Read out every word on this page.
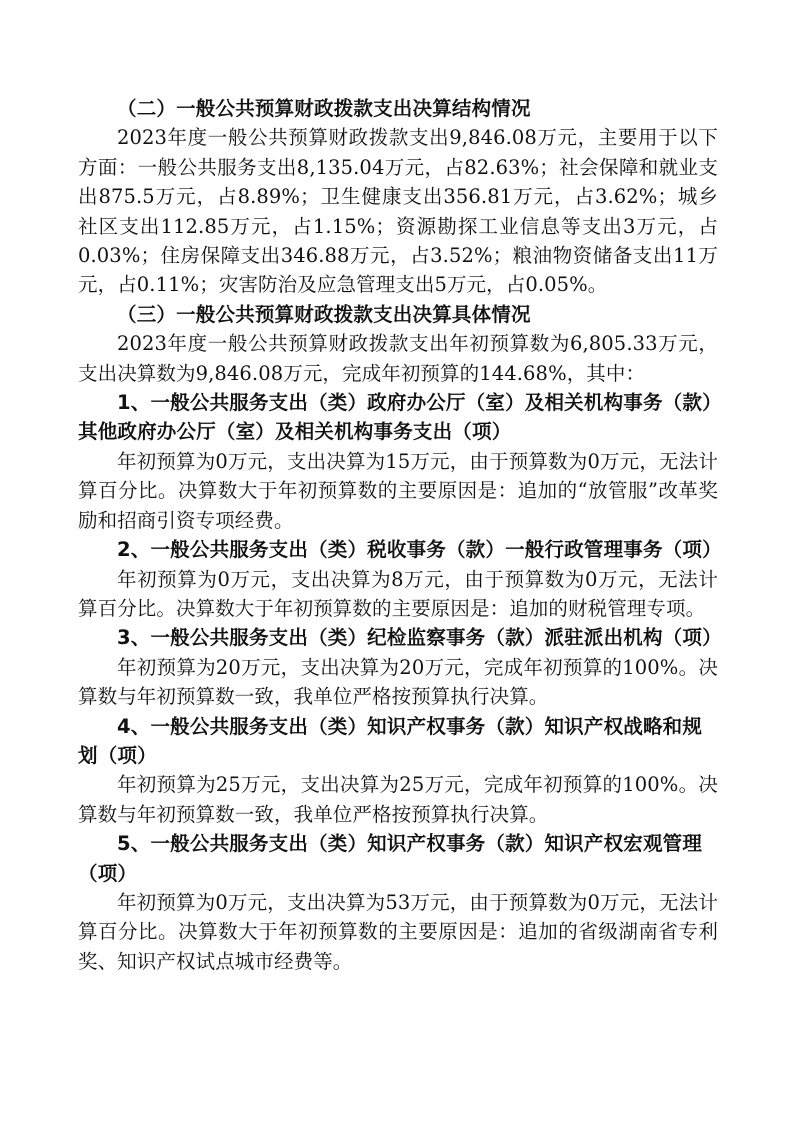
（二）一般公共预算财政拨款支出决算结构情况

2023年度一般公共预算财政拨款支出9,846.08万元，主要用于以下方面：一般公共服务支出8,135.04万元，占82.63%；社会保障和就业支出875.5万元，占8.89%；卫生健康支出356.81万元，占3.62%；城乡社区支出112.85万元，占1.15%；资源勘探工业信息等支出3万元，占0.03%；住房保障支出346.88万元，占3.52%；粮油物资储备支出11万元，占0.11%；灾害防治及应急管理支出5万元，占0.05%。

（三）一般公共预算财政拨款支出决算具体情况

2023年度一般公共预算财政拨款支出年初预算数为6,805.33万元，支出决算数为9,846.08万元，完成年初预算的144.68%，其中：

1、一般公共服务支出（类）政府办公厅（室）及相关机构事务（款）其他政府办公厅（室）及相关机构事务支出（项）

年初预算为0万元，支出决算为15万元，由于预算数为0万元，无法计算百分比。决算数大于年初预算数的主要原因是：追加的“放管服”改革奖励和招商引资专项经费。

2、一般公共服务支出（类）税收事务（款）一般行政管理事务（项）

年初预算为0万元，支出决算为8万元，由于预算数为0万元，无法计算百分比。决算数大于年初预算数的主要原因是：追加的财税管理专项。

3、一般公共服务支出（类）纪检监察事务（款）派驻派出机构（项）

年初预算为20万元，支出决算为20万元，完成年初预算的100%。决算数与年初预算数一致，我单位严格按预算执行决算。

4、一般公共服务支出（类）知识产权事务（款）知识产权战略和规划（项）

年初预算为25万元，支出决算为25万元，完成年初预算的100%。决算数与年初预算数一致，我单位严格按预算执行决算。

5、一般公共服务支出（类）知识产权事务（款）知识产权宏观管理（项）

年初预算为0万元，支出决算为53万元，由于预算数为0万元，无法计算百分比。决算数大于年初预算数的主要原因是：追加的省级湖南省专利奖、知识产权试点城市经费等。
